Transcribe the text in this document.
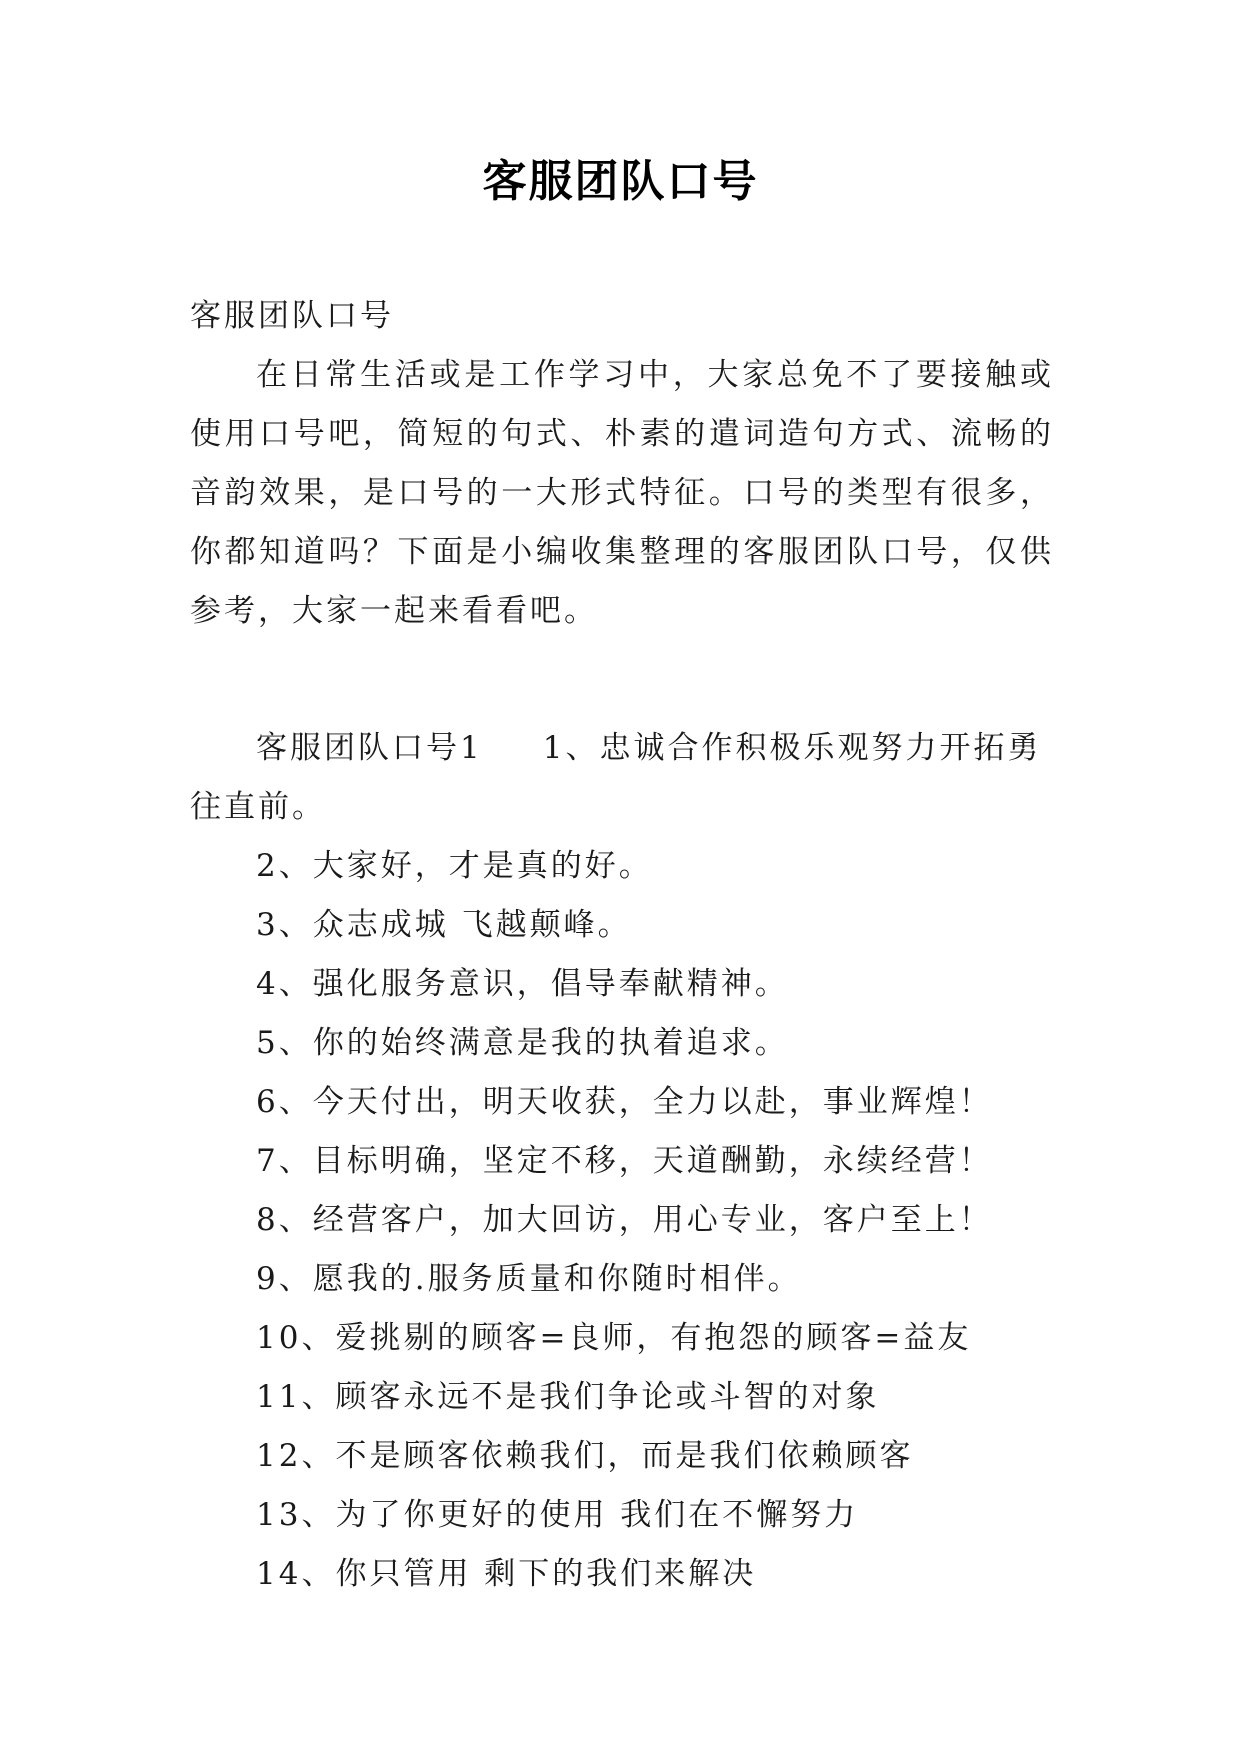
客服团队口号

客服团队口号

在日常生活或是工作学习中，大家总免不了要接触或使用口号吧，简短的句式、朴素的遣词造句方式、流畅的音韵效果，是口号的一大形式特征。口号的类型有很多，你都知道吗？下面是小编收集整理的客服团队口号，仅供参考，大家一起来看看吧。

客服团队口号1 1、忠诚合作积极乐观努力开拓勇往直前。

2、大家好，才是真的好。
3、众志成城 飞越颠峰。
4、强化服务意识，倡导奉献精神。
5、你的始终满意是我的执着追求。
6、今天付出，明天收获，全力以赴，事业辉煌！
7、目标明确，坚定不移，天道酬勤，永续经营！
8、经营客户，加大回访，用心专业，客户至上！
9、愿我的.服务质量和你随时相伴。
10、爱挑剔的顾客=良师，有抱怨的顾客=益友
11、顾客永远不是我们争论或斗智的对象
12、不是顾客依赖我们，而是我们依赖顾客
13、为了你更好的使用 我们在不懈努力
14、你只管用 剩下的我们来解决
